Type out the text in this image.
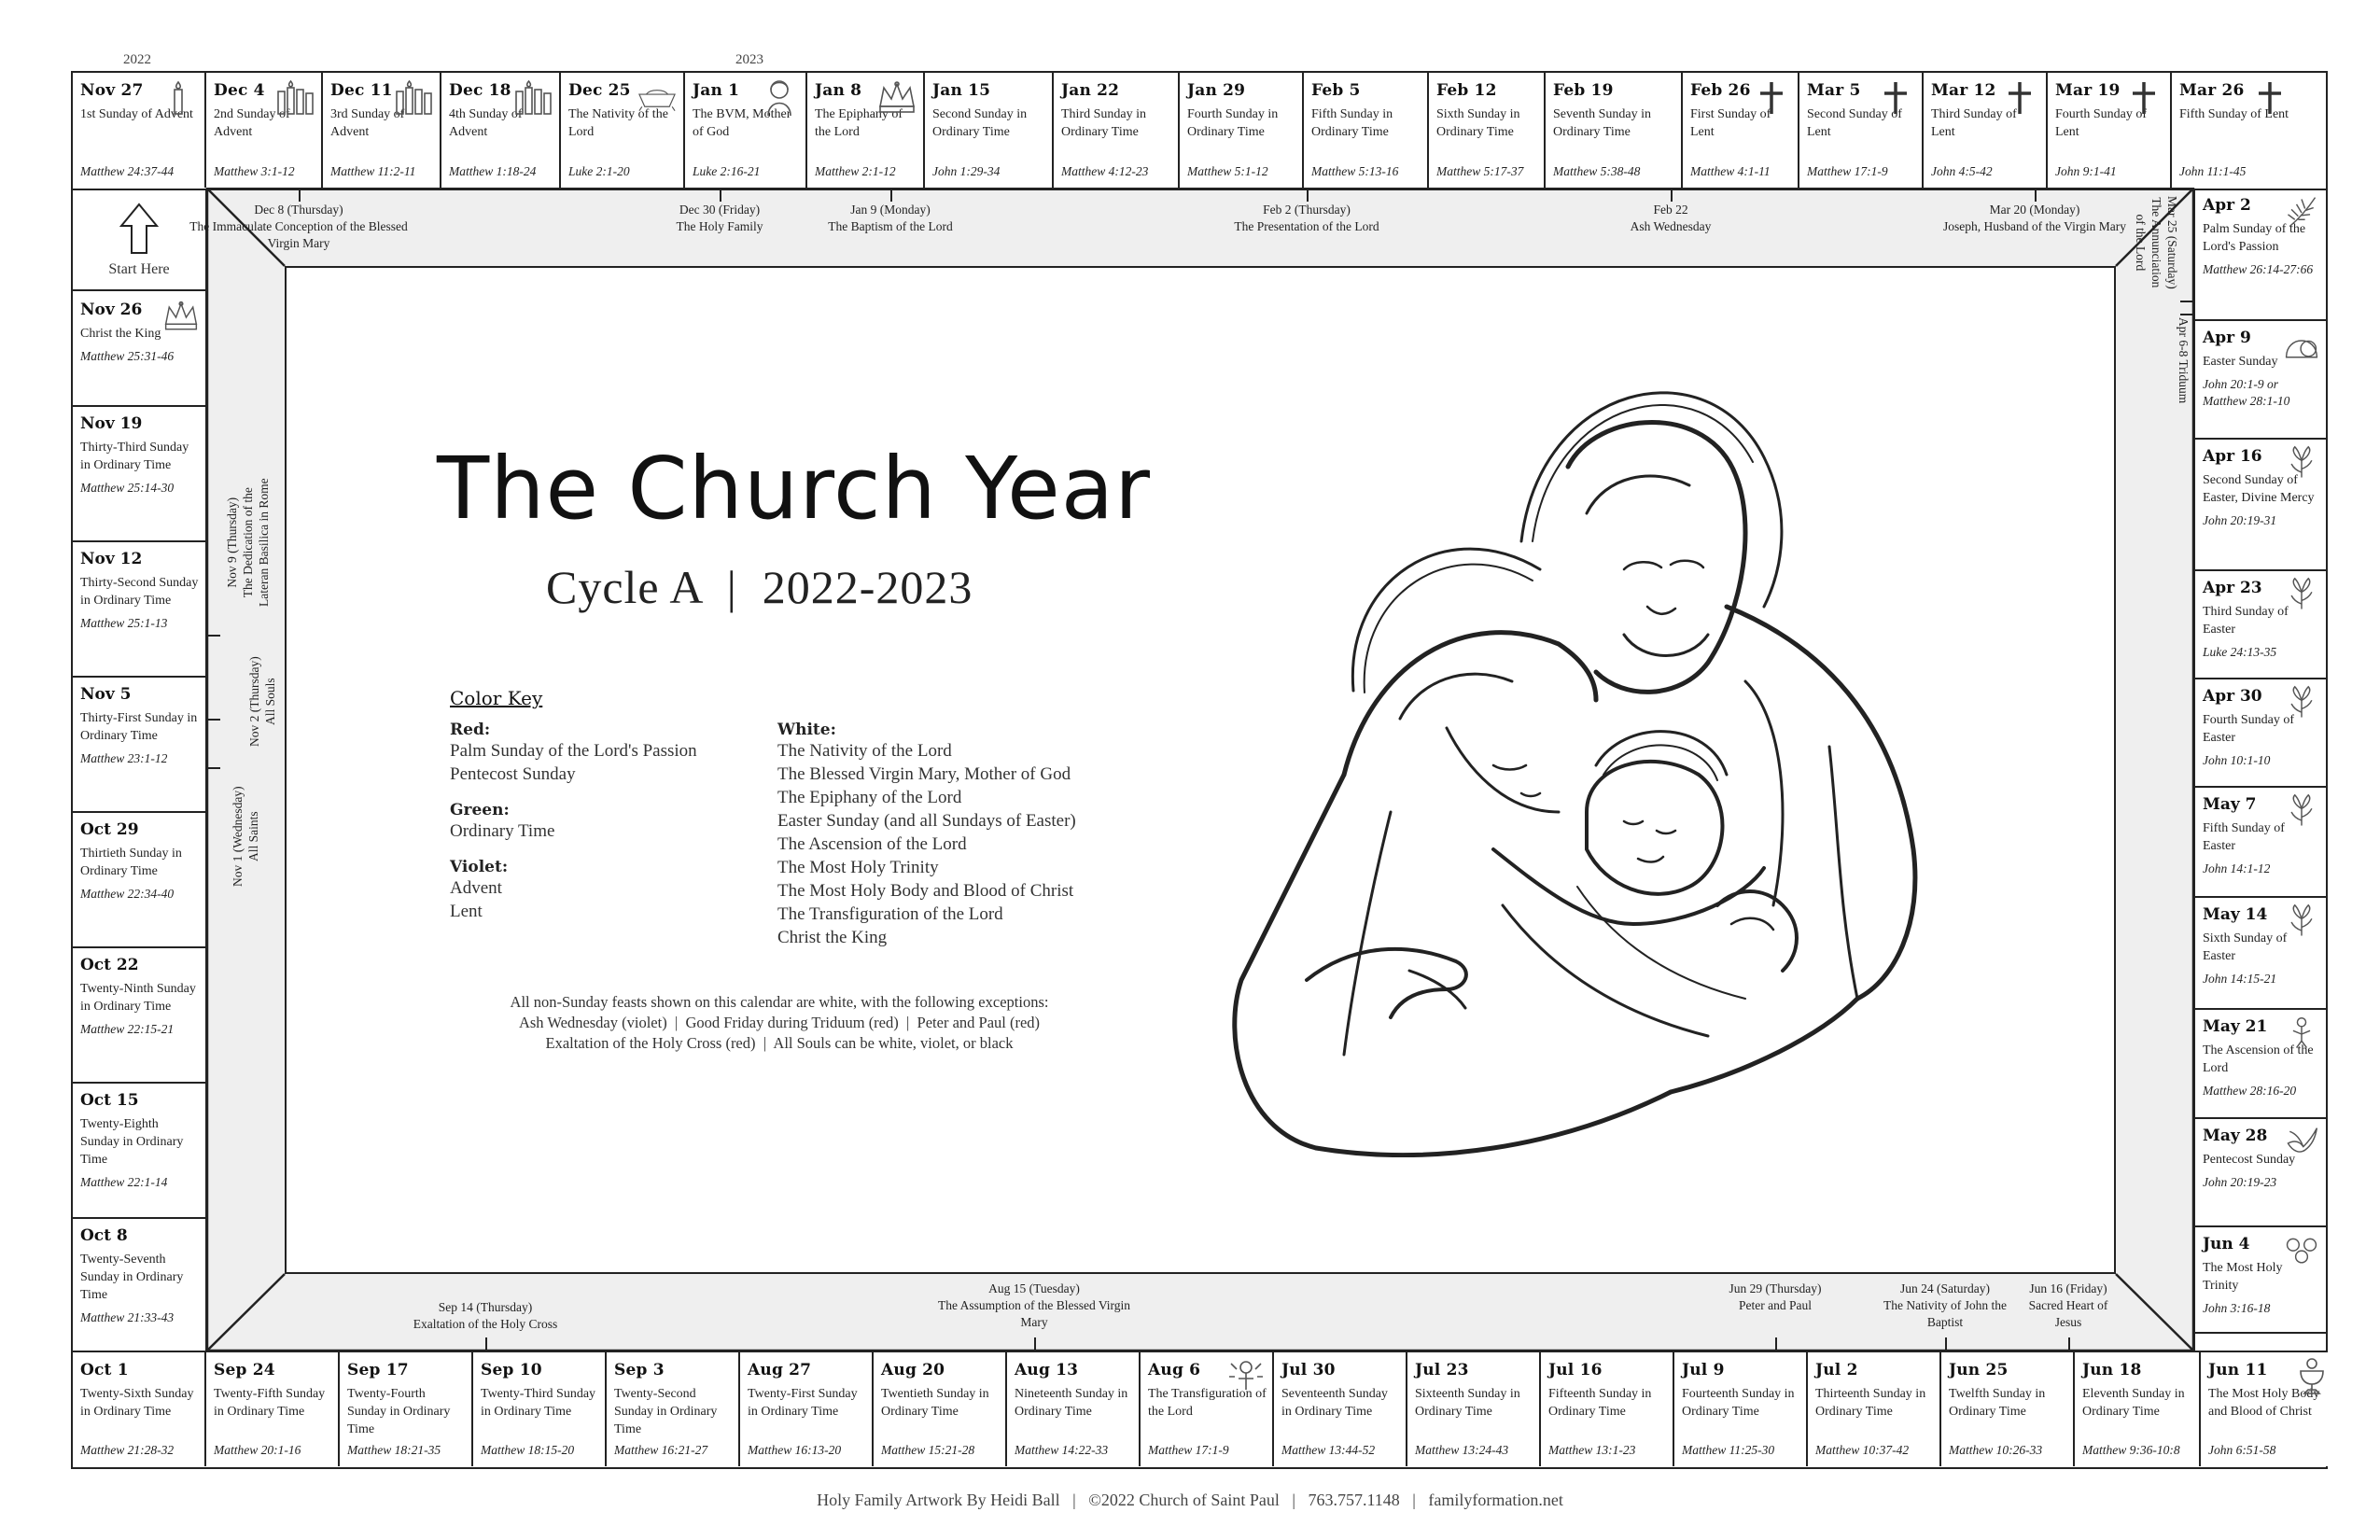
2022	2023
Nov 27
1st Sunday of Advent
Matthew 24:37-44
Dec 4
2nd Sunday of Advent
Matthew 3:1-12
Dec 11
3rd Sunday of Advent
Matthew 11:2-11
Dec 18
4th Sunday of Advent
Matthew 1:18-24
Dec 25
The Nativity of the Lord
Luke 2:1-20
Jan 1
The BVM, Mother of God
Luke 2:16-21
Jan 8
The Epiphany of the Lord
Matthew 2:1-12
Jan 15
Second Sunday in Ordinary Time
John 1:29-34
Jan 22
Third Sunday in Ordinary Time
Matthew 4:12-23
Jan 29
Fourth Sunday in Ordinary Time
Matthew 5:1-12
Feb 5
Fifth Sunday in Ordinary Time
Matthew 5:13-16
Feb 12
Sixth Sunday in Ordinary Time
Matthew 5:17-37
Feb 19
Seventh Sunday in Ordinary Time
Matthew 5:38-48
Feb 26
First Sunday of Lent
Matthew 4:1-11
Mar 5
Second Sunday of Lent
Matthew 17:1-9
Mar 12
Third Sunday of Lent
John 4:5-42
Mar 19
Fourth Sunday of Lent
John 9:1-41
Mar 26
Fifth Sunday of Lent
John 11:1-45
Oct 1
Twenty-Sixth Sunday in Ordinary Time
Matthew 21:28-32
Sep 24
Twenty-Fifth Sunday in Ordinary Time
Matthew 20:1-16
Sep 17
Twenty-Fourth Sunday in Ordinary Time
Matthew 18:21-35
Sep 10
Twenty-Third Sunday in Ordinary Time
Matthew 18:15-20
Sep 3
Twenty-Second Sunday in Ordinary Time
Matthew 16:21-27
Aug 27
Twenty-First Sunday in Ordinary Time
Matthew 16:13-20
Aug 20
Twentieth Sunday in Ordinary Time
Matthew 15:21-28
Aug 13
Nineteenth Sunday in Ordinary Time
Matthew 14:22-33
Aug 6
The Transfiguration of the Lord
Matthew 17:1-9
Jul 30
Seventeenth Sunday in Ordinary Time
Matthew 13:44-52
Jul 23
Sixteenth Sunday in Ordinary Time
Matthew 13:24-43
Jul 16
Fifteenth Sunday in Ordinary Time
Matthew 13:1-23
Jul 9
Fourteenth Sunday in Ordinary Time
Matthew 11:25-30
Jul 2
Thirteenth Sunday in Ordinary Time
Matthew 10:37-42
Jun 25
Twelfth Sunday in Ordinary Time
Matthew 10:26-33
Jun 18
Eleventh Sunday in Ordinary Time
Matthew 9:36-10:8
Jun 11
The Most Holy Body and Blood of Christ
John 6:51-58
Start Here
Nov 26
Christ the King
Matthew 25:31-46
Nov 19
Thirty-Third Sunday in Ordinary Time
Matthew 25:14-30
Nov 12
Thirty-Second Sunday in Ordinary Time
Matthew 25:1-13
Nov 5
Thirty-First Sunday in Ordinary Time
Matthew 23:1-12
Oct 29
Thirtieth Sunday in Ordinary Time
Matthew 22:34-40
Oct 22
Twenty-Ninth Sunday in Ordinary Time
Matthew 22:15-21
Oct 15
Twenty-Eighth Sunday in Ordinary Time
Matthew 22:1-14
Oct 8
Twenty-Seventh Sunday in Ordinary Time
Matthew 21:33-43
Apr 2
Palm Sunday of the Lord's Passion
Matthew 26:14-27:66
Apr 9
Easter Sunday
John 20:1-9 or Matthew 28:1-10
Apr 16
Second Sunday of Easter, Divine Mercy
John 20:19-31
Apr 23
Third Sunday of Easter
Luke 24:13-35
Apr 30
Fourth Sunday of Easter
John 10:1-10
May 7
Fifth Sunday of Easter
John 14:1-12
May 14
Sixth Sunday of Easter
John 14:15-21
May 21
The Ascension of the Lord
Matthew 28:16-20
May 28
Pentecost Sunday
John 20:19-23
Jun 4
The Most Holy Trinity
John 3:16-18
Dec 8 (Thursday)
The Immaculate Conception of the Blessed Virgin Mary
Dec 30 (Friday)
The Holy Family
Jan 9 (Monday)
The Baptism of the Lord
Feb 2 (Thursday)
The Presentation of the Lord
Feb 22
Ash Wednesday
Mar 20 (Monday)
Joseph, Husband of the Virgin Mary
Sep 14 (Thursday)
Exaltation of the Holy Cross
Aug 15 (Tuesday)
The Assumption of the Blessed Virgin Mary
Jun 29 (Thursday)
Peter and Paul
Jun 24 (Saturday)
The Nativity of John the Baptist
Jun 16 (Friday)
Sacred Heart of Jesus
Nov 9 (Thursday) The Dedication of the Lateran Basilica in Rome
Nov 2 (Thursday) All Souls
Nov 1 (Wednesday) All Saints
Mar 25 (Saturday)
The Annunciation
of the Lord
Apr 6-8 Triduum
The Church Year
Cycle A  |  2022-2023
Color Key
Red:
Palm Sunday of the Lord's Passion
Pentecost Sunday
Green:
Ordinary Time
Violet:
Advent
Lent
White:
The Nativity of the Lord
The Blessed Virgin Mary, Mother of God
The Epiphany of the Lord
Easter Sunday (and all Sundays of Easter)
The Ascension of the Lord
The Most Holy Trinity
The Most Holy Body and Blood of Christ
The Transfiguration of the Lord
Christ the King
All non-Sunday feasts shown on this calendar are white, with the following exceptions:
Ash Wednesday (violet)  |  Good Friday during Triduum (red)  |  Peter and Paul (red)
Exaltation of the Holy Cross (red)  |  All Souls can be white, violet, or black
Holy Family Artwork By Heidi Ball   |   ©2022 Church of Saint Paul   |   763.757.1148   |   familyformation.net
